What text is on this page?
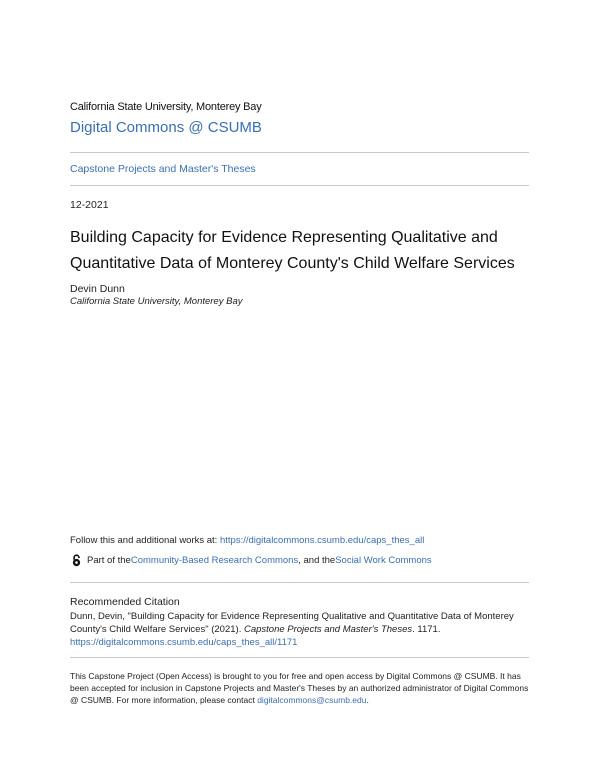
California State University, Monterey Bay
Digital Commons @ CSUMB
Capstone Projects and Master's Theses
12-2021
Building Capacity for Evidence Representing Qualitative and Quantitative Data of Monterey County's Child Welfare Services
Devin Dunn
California State University, Monterey Bay
Follow this and additional works at: https://digitalcommons.csumb.edu/caps_thes_all
Part of the Community-Based Research Commons , and the Social Work Commons
Recommended Citation
Dunn, Devin, "Building Capacity for Evidence Representing Qualitative and Quantitative Data of Monterey County's Child Welfare Services" (2021). Capstone Projects and Master's Theses. 1171.
https://digitalcommons.csumb.edu/caps_thes_all/1171
This Capstone Project (Open Access) is brought to you for free and open access by Digital Commons @ CSUMB. It has been accepted for inclusion in Capstone Projects and Master's Theses by an authorized administrator of Digital Commons @ CSUMB. For more information, please contact digitalcommons@csumb.edu.
